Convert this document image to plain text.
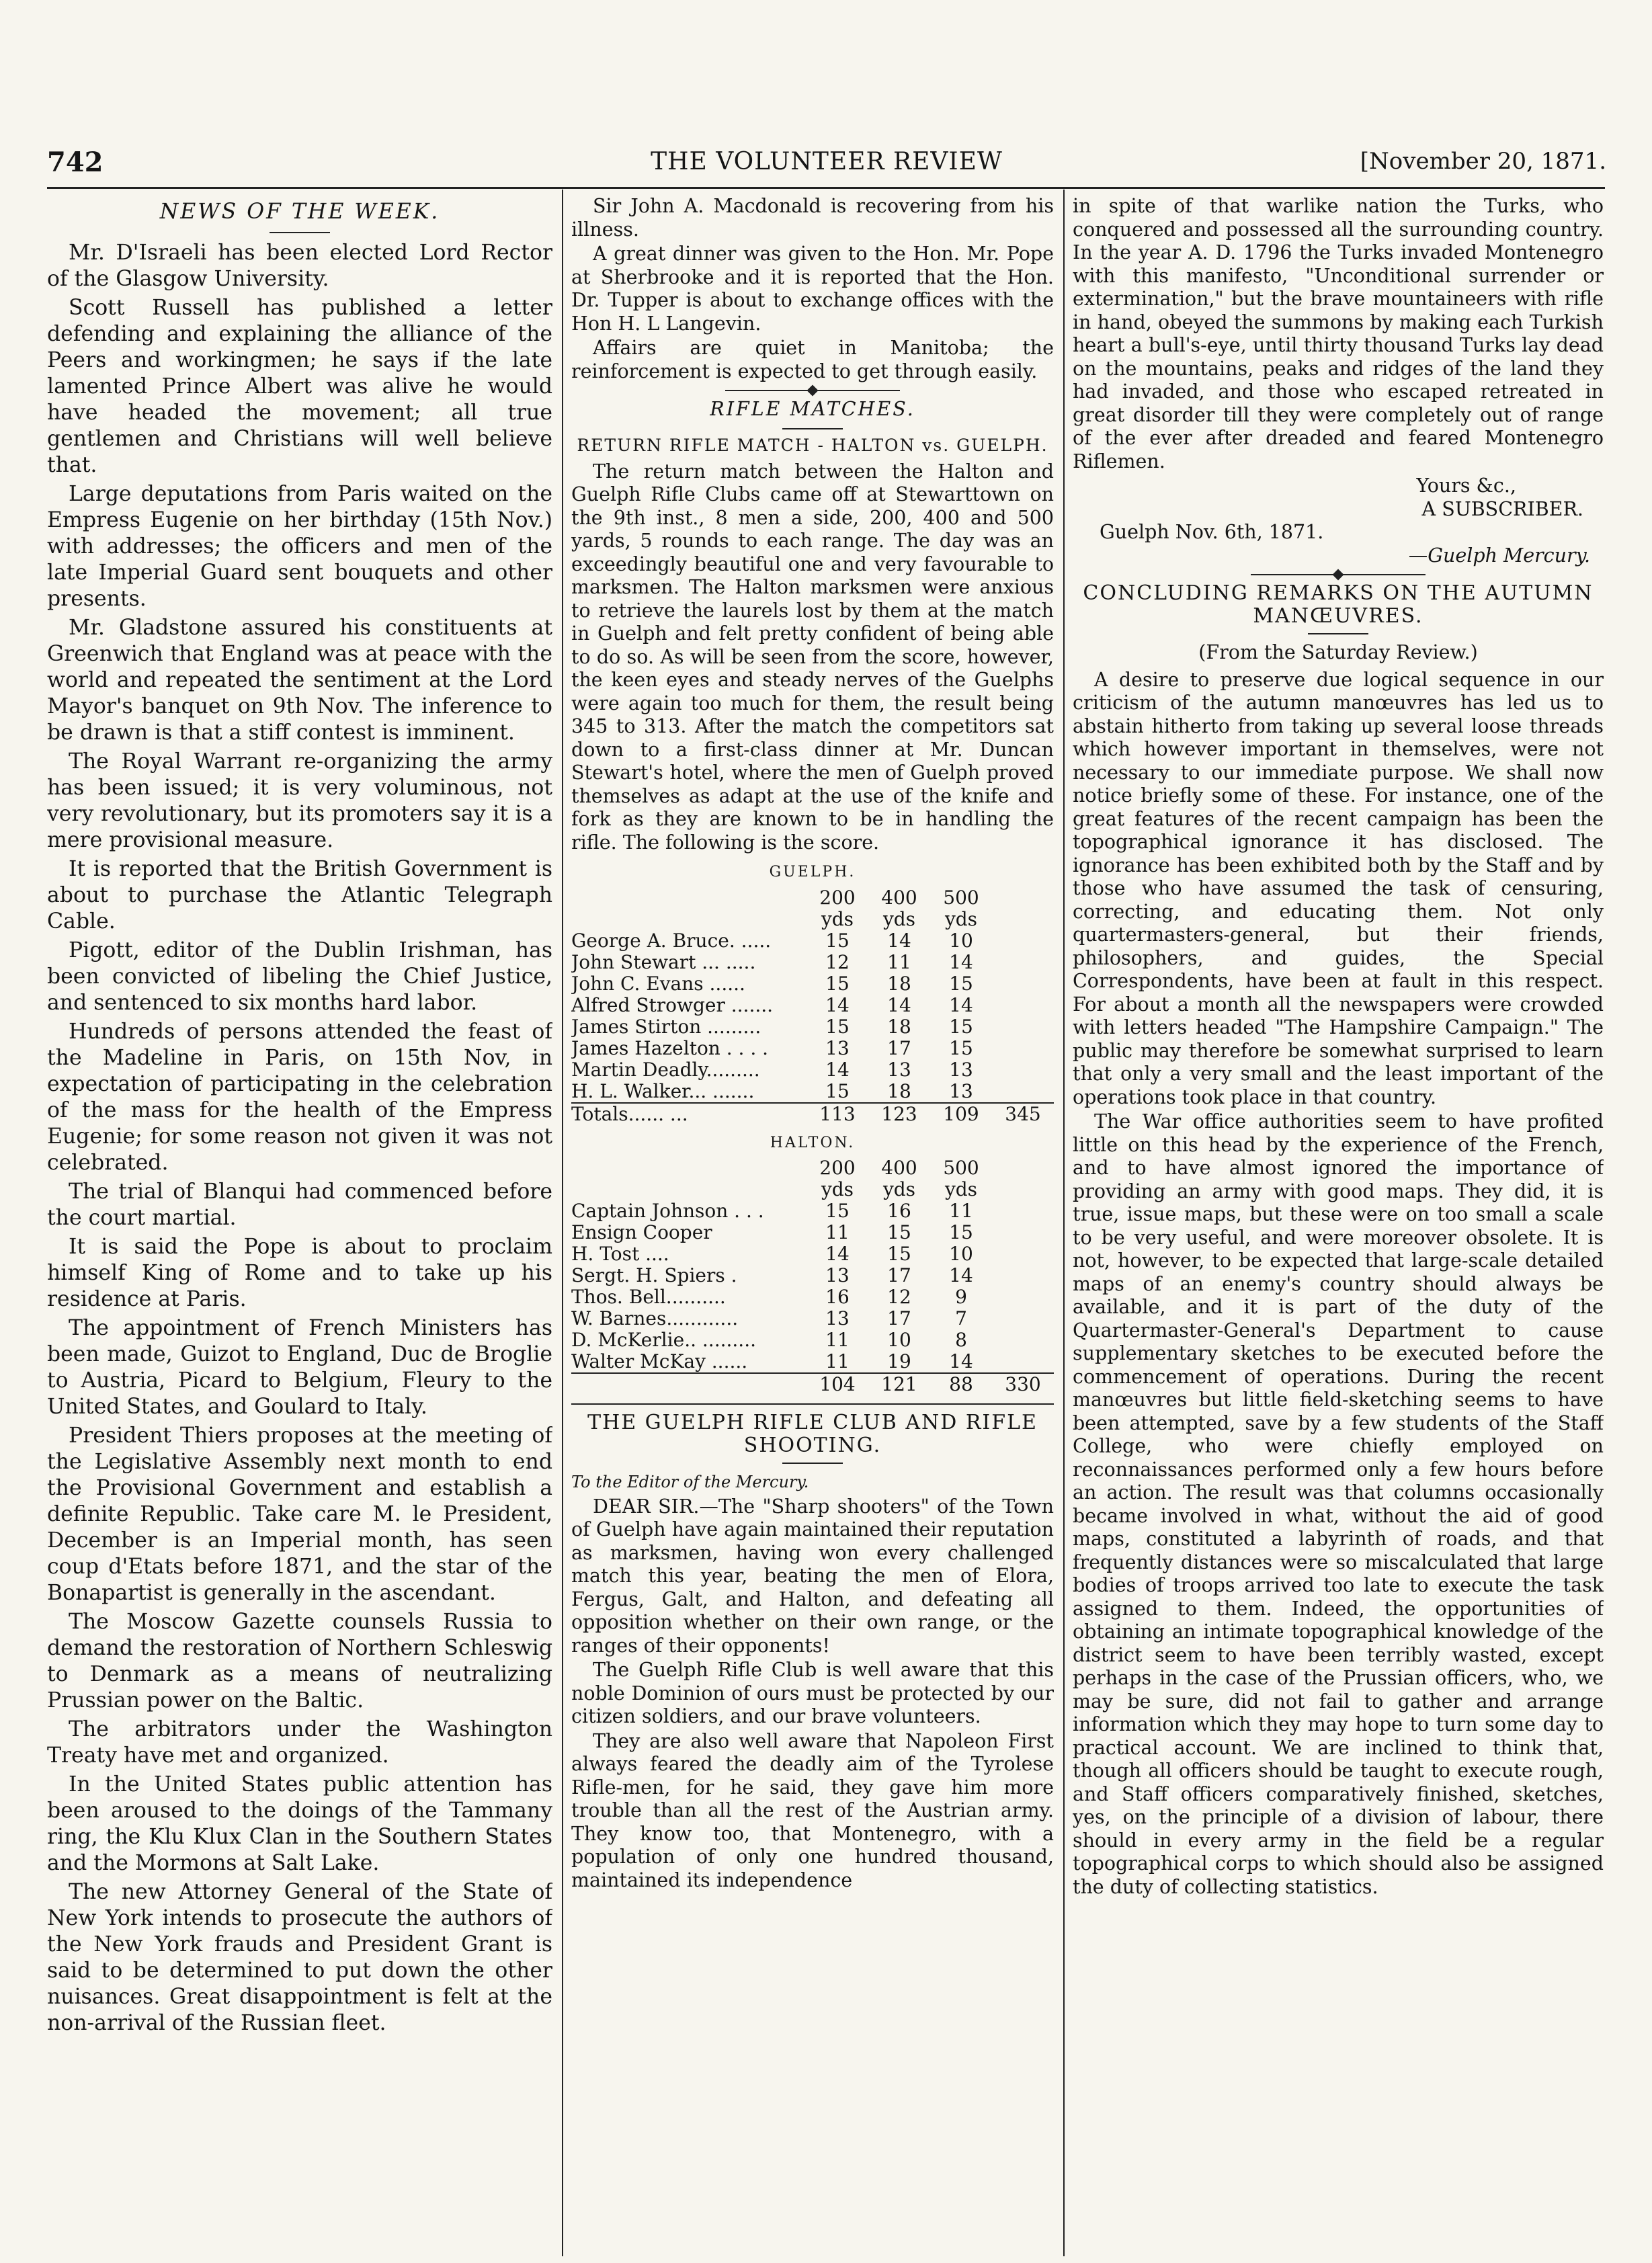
742	THE VOLUNTEER REVIEW	[November 20, 1871.
NEWS OF THE WEEK.

Mr. D'Israeli has been elected Lord Rector of the Glasgow University.

Scott Russell has published a letter defending and explaining the alliance of the Peers and workingmen; he says if the late lamented Prince Albert was alive he would have headed the movement; all true gentlemen and Christians will well believe that.

Large deputations from Paris waited on the Empress Eugenie on her birthday (15th Nov.) with addresses; the officers and men of the late Imperial Guard sent bouquets and other presents.

Mr. Gladstone assured his constituents at Greenwich that England was at peace with the world and repeated the sentiment at the Lord Mayor's banquet on 9th Nov. The inference to be drawn is that a stiff contest is imminent.

The Royal Warrant re-organizing the army has been issued; it is very voluminous, not very revolutionary, but its promoters say it is a mere provisional measure.

It is reported that the British Government is about to purchase the Atlantic Telegraph Cable.

Pigott, editor of the Dublin Irishman, has been convicted of libeling the Chief Justice, and sentenced to six months hard labor.

Hundreds of persons attended the feast of the Madeline in Paris, on 15th Nov, in expectation of participating in the celebration of the mass for the health of the Empress Eugenie; for some reason not given it was not celebrated.

The trial of Blanqui had commenced before the court martial.

It is said the Pope is about to proclaim himself King of Rome and to take up his residence at Paris.

The appointment of French Ministers has been made, Guizot to England, Duc de Broglie to Austria, Picard to Belgium, Fleury to the United States, and Goulard to Italy.

President Thiers proposes at the meeting of the Legislative Assembly next month to end the Provisional Government and establish a definite Republic. Take care M. le President, December is an Imperial month, has seen coup d'Etats before 1871, and the star of the Bonapartist is generally in the ascendant.

The Moscow Gazette counsels Russia to demand the restoration of Northern Schleswig to Denmark as a means of neutralizing Prussian power on the Baltic.

The arbitrators under the Washington Treaty have met and organized.

In the United States public attention has been aroused to the doings of the Tammany ring, the Klu Klux Clan in the Southern States and the Mormons at Salt Lake.

The new Attorney General of the State of New York intends to prosecute the authors of the New York frauds and President Grant is said to be determined to put down the other nuisances. Great disappointment is felt at the non-arrival of the Russian fleet.

Sir John A. Macdonald is recovering from his illness.

A great dinner was given to the Hon. Mr. Pope at Sherbrooke and it is reported that the Hon. Dr. Tupper is about to exchange offices with the Hon H. L Langevin.

Affairs are quiet in Manitoba; the reinforcement is expected to get through easily.

RIFLE MATCHES.
RETURN RIFLE MATCH - HALTON vs. GUELPH.

The return match between the Halton and Guelph Rifle Clubs came off at Stewarttown on the 9th inst., 8 men a side, 200, 400 and 500 yards, 5 rounds to each range. The day was an exceedingly beautiful one and very favourable to marksmen. The Halton marksmen were anxious to retrieve the laurels lost by them at the match in Guelph and felt pretty confident of being able to do so. As will be seen from the score, however, the keen eyes and steady nerves of the Guelphs were again too much for them, the result being 345 to 313. After the match the competitors sat down to a first-class dinner at Mr. Duncan Stewart's hotel, where the men of Guelph proved themselves as adapt at the use of the knife and fork as they are known to be in handling the rifle. The following is the score.

GUELPH.
	200	400	500	
	yds	yds	yds	
George A. Bruce. .....	15	14	10	
John Stewart ... .....	12	11	14	
John C. Evans ......	15	18	15	
Alfred Strowger .......	14	14	14	
James Stirton .........	15	18	15	
James Hazelton . . . .	13	17	15	
Martin Deadly.........	14	13	13	
H. L. Walker... .......	15	18	13	
Totals...... ...	113	123	109	345
HALTON.
	200	400	500	
	yds	yds	yds	
Captain Johnson . . .	15	16	11	
Ensign Cooper	11	15	15	
H. Tost ....	14	15	10	
Sergt. H. Spiers .	13	17	14	
Thos. Bell..........	16	12	9	
W. Barnes............	13	17	7	
D. McKerlie.. .........	11	10	8	
Walter McKay ......	11	19	14	
	104	121	88	330
THE GUELPH RIFLE CLUB AND RIFLE SHOOTING.

To the Editor of the Mercury.

DEAR SIR.—The "Sharp shooters" of the Town of Guelph have again maintained their reputation as marksmen, having won every challenged match this year, beating the men of Elora, Fergus, Galt, and Halton, and defeating all opposition whether on their own range, or the ranges of their opponents!

The Guelph Rifle Club is well aware that this noble Dominion of ours must be protected by our citizen soldiers, and our brave volunteers.

They are also well aware that Napoleon First always feared the deadly aim of the Tyrolese Rifle-men, for he said, they gave him more trouble than all the rest of the Austrian army. They know too, that Montenegro, with a population of only one hundred thousand, maintained its independence

in spite of that warlike nation the Turks, who conquered and possessed all the surrounding country. In the year A. D. 1796 the Turks invaded Montenegro with this manifesto, "Unconditional surrender or extermination," but the brave mountaineers with rifle in hand, obeyed the summons by making each Turkish heart a bull's-eye, until thirty thousand Turks lay dead on the mountains, peaks and ridges of the land they had invaded, and those who escaped retreated in great disorder till they were completely out of range of the ever after dreaded and feared Montenegro Riflemen.

Yours &c.,
A SUBSCRIBER.
Guelph Nov. 6th, 1871.
—Guelph Mercury.
CONCLUDING REMARKS ON THE AUTUMN MANŒUVRES.
(From the Saturday Review.)

A desire to preserve due logical sequence in our criticism of the autumn manœuvres has led us to abstain hitherto from taking up several loose threads which however important in themselves, were not necessary to our immediate purpose. We shall now notice briefly some of these. For instance, one of the great features of the recent campaign has been the topographical ignorance it has disclosed. The ignorance has been exhibited both by the Staff and by those who have assumed the task of censuring, correcting, and educating them. Not only quartermasters-general, but their friends, philosophers, and guides, the Special Correspondents, have been at fault in this respect. For about a month all the newspapers were crowded with letters headed "The Hampshire Campaign." The public may therefore be somewhat surprised to learn that only a very small and the least important of the operations took place in that country.

The War office authorities seem to have profited little on this head by the experience of the French, and to have almost ignored the importance of providing an army with good maps. They did, it is true, issue maps, but these were on too small a scale to be very useful, and were moreover obsolete. It is not, however, to be expected that large-scale detailed maps of an enemy's country should always be available, and it is part of the duty of the Quartermaster-General's Department to cause supplementary sketches to be executed before the commencement of operations. During the recent manœuvres but little field-sketching seems to have been attempted, save by a few students of the Staff College, who were chiefly employed on reconnaissances performed only a few hours before an action. The result was that columns occasionally became involved in what, without the aid of good maps, constituted a labyrinth of roads, and that frequently distances were so miscalculated that large bodies of troops arrived too late to execute the task assigned to them. Indeed, the opportunities of obtaining an intimate topographical knowledge of the district seem to have been terribly wasted, except perhaps in the case of the Prussian officers, who, we may be sure, did not fail to gather and arrange information which they may hope to turn some day to practical account. We are inclined to think that, though all officers should be taught to execute rough, and Staff officers comparatively finished, sketches, yes, on the principle of a division of labour, there should in every army in the field be a regular topographical corps to which should also be assigned the duty of collecting statistics.
